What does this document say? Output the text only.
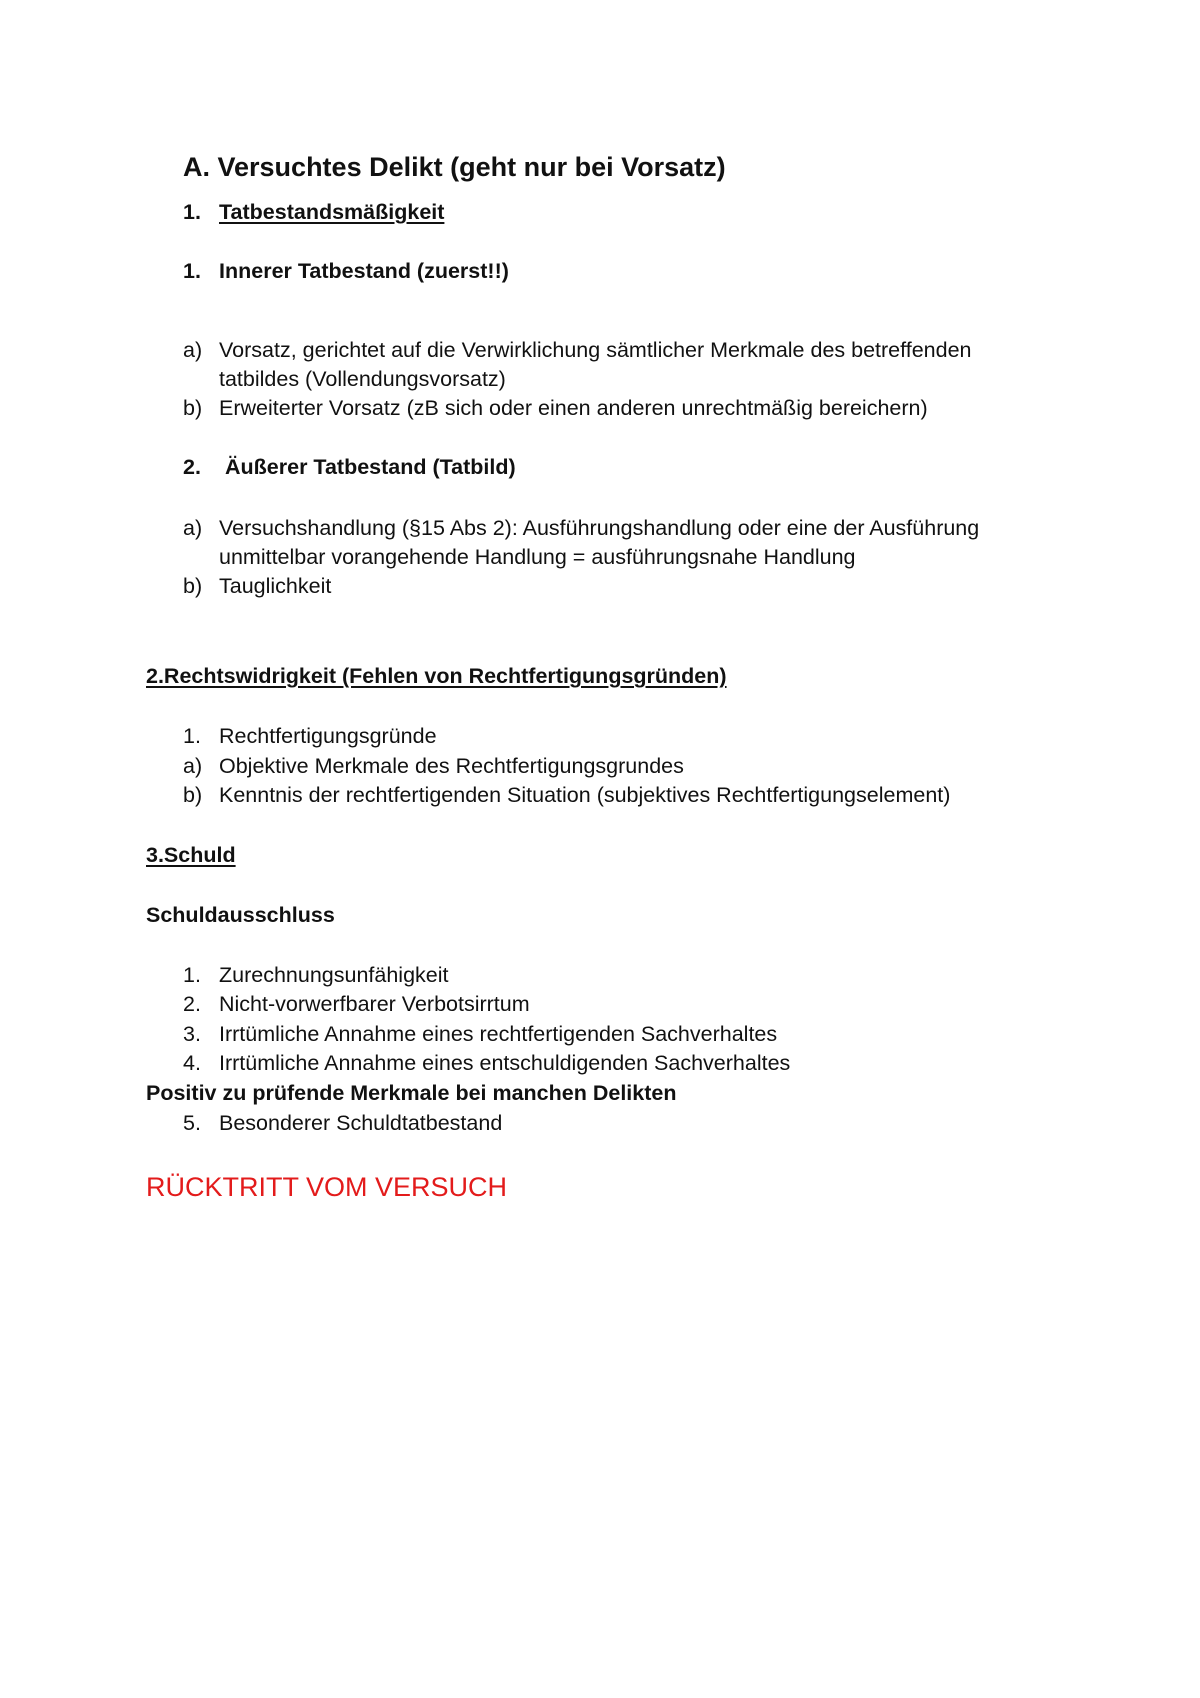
A. Versuchtes Delikt (geht nur bei Vorsatz)
1. Tatbestandsmäßigkeit
1. Innerer Tatbestand (zuerst!!)
a) Vorsatz, gerichtet auf die Verwirklichung sämtlicher Merkmale des betreffenden
tatbildes (Vollendungsvorsatz)
b) Erweiterter Vorsatz (zB sich oder einen anderen unrechtmäßig bereichern)
2. Äußerer Tatbestand (Tatbild)
a) Versuchshandlung (§15 Abs 2): Ausführungshandlung oder eine der Ausführung
unmittelbar vorangehende Handlung = ausführungsnahe Handlung
b) Tauglichkeit
2.Rechtswidrigkeit (Fehlen von Rechtfertigungsgründen)
1. Rechtfertigungsgründe
a) Objektive Merkmale des Rechtfertigungsgrundes
b) Kenntnis der rechtfertigenden Situation (subjektives Rechtfertigungselement)
3.Schuld
Schuldausschluss
1. Zurechnungsunfähigkeit
2. Nicht-vorwerfbarer Verbotsirrtum
3. Irrtümliche Annahme eines rechtfertigenden Sachverhaltes
4. Irrtümliche Annahme eines entschuldigenden Sachverhaltes
Positiv zu prüfende Merkmale bei manchen Delikten
5. Besonderer Schuldtatbestand
RÜCKTRITT VOM VERSUCH
